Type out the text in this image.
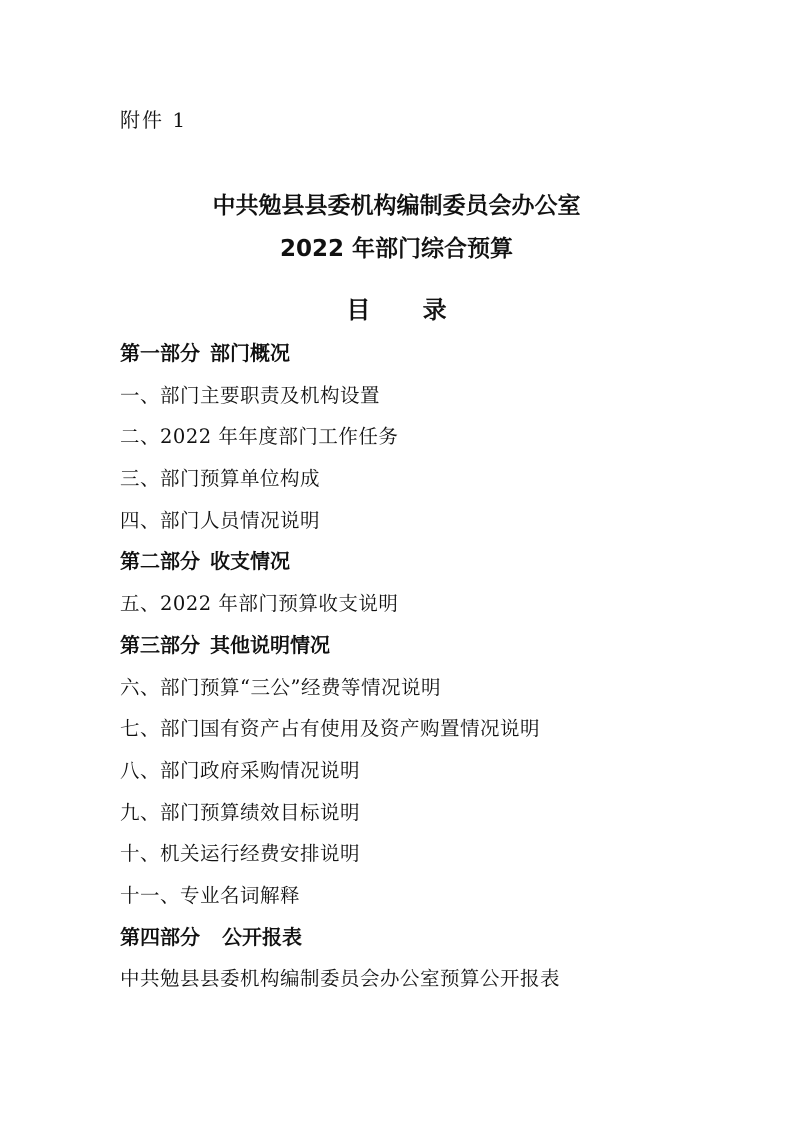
附件 1
中共勉县县委机构编制委员会办公室
2022 年部门综合预算
目 录
第一部分 部门概况
一、部门主要职责及机构设置
二、2022 年年度部门工作任务
三、部门预算单位构成
四、部门人员情况说明
第二部分 收支情况
五、2022 年部门预算收支说明
第三部分 其他说明情况
六、部门预算“三公”经费等情况说明
七、部门国有资产占有使用及资产购置情况说明
八、部门政府采购情况说明
九、部门预算绩效目标说明
十、机关运行经费安排说明
十一、专业名词解释
第四部分 公开报表
中共勉县县委机构编制委员会办公室预算公开报表
